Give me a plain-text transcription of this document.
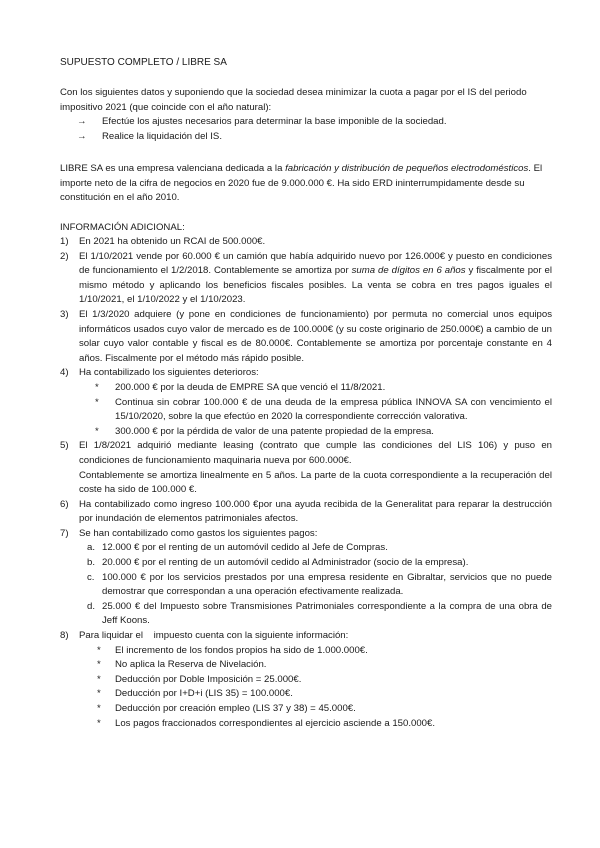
SUPUESTO COMPLETO / LIBRE SA
Con los siguientes datos y suponiendo que la sociedad desea minimizar la cuota a pagar por el IS del periodo impositivo 2021 (que coincide con el año natural):
→ Efectúe los ajustes necesarios para determinar la base imponible de la sociedad.
→ Realice la liquidación del IS.
LIBRE SA es una empresa valenciana dedicada a la fabricación y distribución de pequeños electrodomésticos. El importe neto de la cifra de negocios en 2020 fue de 9.000.000 €. Ha sido ERD ininterrumpidamente desde su constitución en el año 2010.
INFORMACIÓN ADICIONAL:
1) En 2021 ha obtenido un RCAI de 500.000€.
2) El 1/10/2021 vende por 60.000 € un camión que había adquirido nuevo por 126.000€ y puesto en condiciones de funcionamiento el 1/2/2018. Contablemente se amortiza por suma de dígitos en 6 años y fiscalmente por el mismo método y aplicando los beneficios fiscales posibles. La venta se cobra en tres pagos iguales el 1/10/2021, el 1/10/2022 y el 1/10/2023.
3) El 1/3/2020 adquiere (y pone en condiciones de funcionamiento) por permuta no comercial unos equipos informáticos usados cuyo valor de mercado es de 100.000€ (y su coste originario de 250.000€) a cambio de un solar cuyo valor contable y fiscal es de 80.000€. Contablemente se amortiza por porcentaje constante en 4 años. Fiscalmente por el método más rápido posible.
4) Ha contabilizado los siguientes deterioros:
* 200.000 € por la deuda de EMPRE SA que venció el 11/8/2021.
* Continua sin cobrar 100.000 € de una deuda de la empresa pública INNOVA SA con vencimiento el 15/10/2020, sobre la que efectúo en 2020 la correspondiente corrección valorativa.
* 300.000 € por la pérdida de valor de una patente propiedad de la empresa.
5) El 1/8/2021 adquirió mediante leasing (contrato que cumple las condiciones del LIS 106) y puso en condiciones de funcionamiento maquinaria nueva por 600.000€.
Contablemente se amortiza linealmente en 5 años. La parte de la cuota correspondiente a la recuperación del coste ha sido de 100.000 €.
6) Ha contabilizado como ingreso 100.000 €por una ayuda recibida de la Generalitat para reparar la destrucción por inundación de elementos patrimoniales afectos.
7) Se han contabilizado como gastos los siguientes pagos:
a. 12.000 € por el renting de un automóvil cedido al Jefe de Compras.
b. 20.000 € por el renting de un automóvil cedido al Administrador (socio de la empresa).
c. 100.000 € por los servicios prestados por una empresa residente en Gibraltar, servicios que no puede demostrar que correspondan a una operación efectivamente realizada.
d. 25.000 € del Impuesto sobre Transmisiones Patrimoniales correspondiente a la compra de una obra de Jeff Koons.
8) Para liquidar el    impuesto cuenta con la siguiente información:
* El incremento de los fondos propios ha sido de 1.000.000€.
* No aplica la Reserva de Nivelación.
* Deducción por Doble Imposición = 25.000€.
* Deducción por I+D+i (LIS 35) = 100.000€.
* Deducción por creación empleo (LIS 37 y 38) = 45.000€.
* Los pagos fraccionados correspondientes al ejercicio asciende a 150.000€.
